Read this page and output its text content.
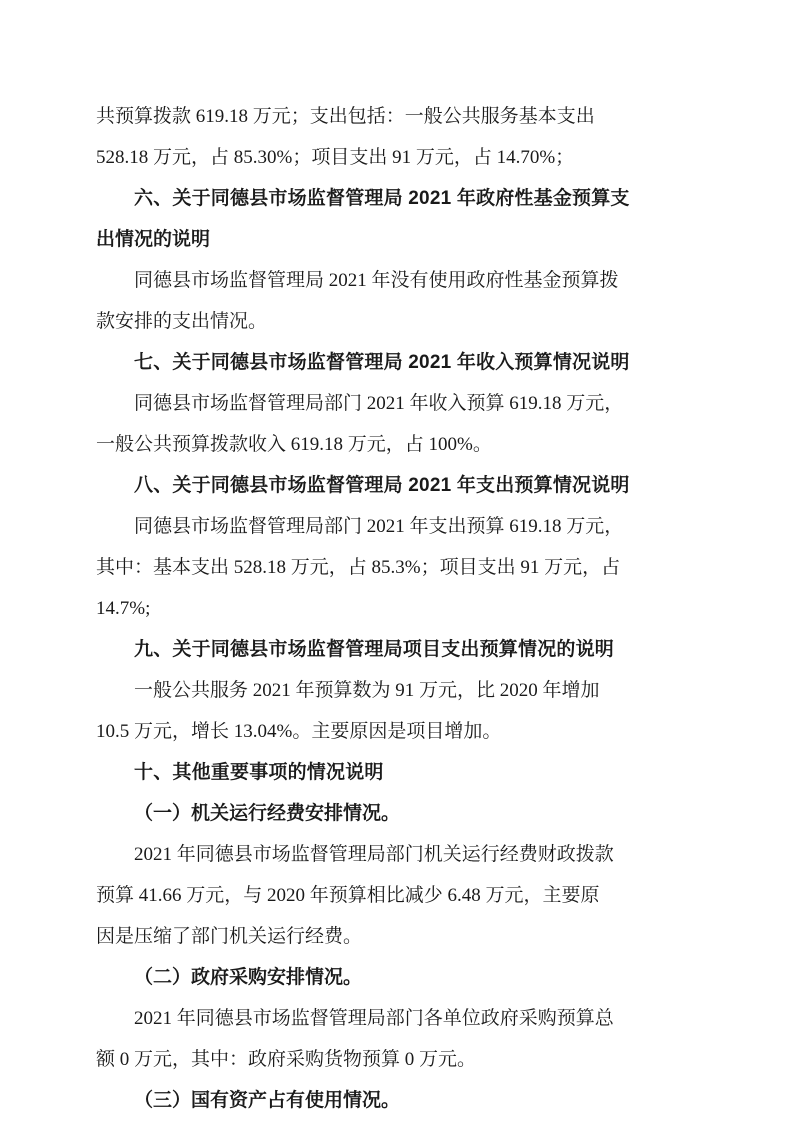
共预算拨款 619.18 万元；支出包括：一般公共服务基本支出

528.18 万元，占 85.30%；项目支出 91 万元，占 14.70%；

六、关于同德县市场监督管理局 2021 年政府性基金预算支

出情况的说明

同德县市场监督管理局 2021 年没有使用政府性基金预算拨

款安排的支出情况。

七、关于同德县市场监督管理局 2021 年收入预算情况说明

同德县市场监督管理局部门 2021 年收入预算 619.18 万元，

一般公共预算拨款收入 619.18 万元，占 100%。

八、关于同德县市场监督管理局 2021 年支出预算情况说明

同德县市场监督管理局部门 2021 年支出预算 619.18 万元，

其中：基本支出 528.18 万元，占 85.3%；项目支出 91 万元，占

14.7%;

九、关于同德县市场监督管理局项目支出预算情况的说明

一般公共服务 2021 年预算数为 91 万元，比 2020 年增加

10.5 万元，增长 13.04%。主要原因是项目增加。

十、其他重要事项的情况说明

（一）机关运行经费安排情况。

2021 年同德县市场监督管理局部门机关运行经费财政拨款

预算 41.66 万元，与 2020 年预算相比减少 6.48 万元，主要原

因是压缩了部门机关运行经费。

（二）政府采购安排情况。

2021 年同德县市场监督管理局部门各单位政府采购预算总

额 0 万元，其中：政府采购货物预算 0 万元。

（三）国有资产占有使用情况。
